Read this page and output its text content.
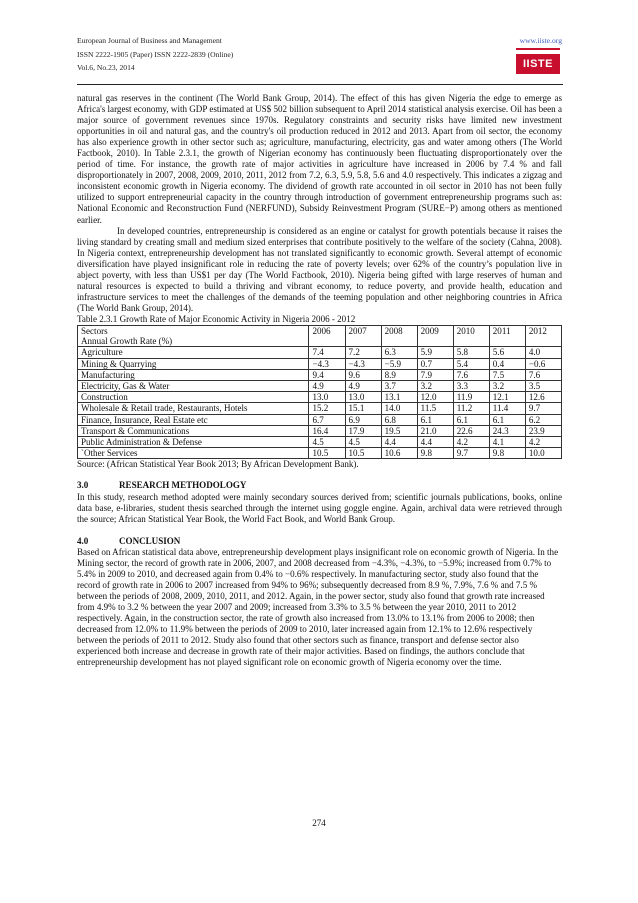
European Journal of Business and Management
ISSN 2222-1905 (Paper) ISSN 2222-2839 (Online)
Vol.6, No.23, 2014
www.iiste.org
IISTE

natural gas reserves in the continent (The World Bank Group, 2014). The effect of this has given Nigeria the edge to emerge as Africa's largest economy, with GDP estimated at US$ 502 billion subsequent to April 2014 statistical analysis exercise. Oil has been a major source of government revenues since 1970s. Regulatory constraints and security risks have limited new investment opportunities in oil and natural gas, and the country's oil production reduced in 2012 and 2013. Apart from oil sector, the economy has also experience growth in other sector such as; agriculture, manufacturing, electricity, gas and water among others (The World Factbook, 2010). In Table 2.3.1, the growth of Nigerian economy has continuously been fluctuating disproportionately over the period of time. For instance, the growth rate of major activities in agriculture have increased in 2006 by 7.4 % and fall disproportionately in 2007, 2008, 2009, 2010, 2011, 2012 from 7.2, 6.3, 5.9, 5.8, 5.6 and 4.0 respectively. This indicates a zigzag and inconsistent economic growth in Nigeria economy. The dividend of growth rate accounted in oil sector in 2010 has not been fully utilized to support entrepreneurial capacity in the country through introduction of government entrepreneurship programs such as: National Economic and Reconstruction Fund (NERFUND), Subsidy Reinvestment Program (SURE−P) among others as mentioned earlier.

In developed countries, entrepreneurship is considered as an engine or catalyst for growth potentials because it raises the living standard by creating small and medium sized enterprises that contribute positively to the welfare of the society (Cahna, 2008). In Nigeria context, entrepreneurship development has not translated significantly to economic growth. Several attempt of economic diversification have played insignificant role in reducing the rate of poverty levels; over 62% of the country’s population live in abject poverty, with less than US$1 per day (The World Factbook, 2010). Nigeria being gifted with large reserves of human and natural resources is expected to build a thriving and vibrant economy, to reduce poverty, and provide health, education and infrastructure services to meet the challenges of the demands of the teeming population and other neighboring countries in Africa (The World Bank Group, 2014).

Table 2.3.1 Growth Rate of Major Economic Activity in Nigeria 2006 - 2012
Sectors
Annual Growth Rate (%)	2006	2007	2008	2009	2010	2011	2012
Agriculture	7.4	7.2	6.3	5.9	5.8	5.6	4.0
Mining & Quarrying	−4.3	−4.3	−5.9	0.7	5.4	0.4	−0.6
Manufacturing	9.4	9.6	8.9	7.9	7.6	7.5	7.6
Electricity, Gas & Water	4.9	4.9	3.7	3.2	3.3	3.2	3.5
Construction	13.0	13.0	13.1	12.0	11.9	12.1	12.6
Wholesale & Retail trade, Restaurants, Hotels	15.2	15.1	14.0	11.5	11.2	11.4	9.7
Finance, Insurance, Real Estate etc	6.7	6.9	6.8	6.1	6.1	6.1	6.2
Transport & Communications	16.4	17.9	19.5	21.0	22.6	24.3	23.9
Public Administration & Defense	4.5	4.5	4.4	4.4	4.2	4.1	4.2
`Other Services	10.5	10.5	10.6	9.8	9.7	9.8	10.0
Source: (African Statistical Year Book 2013; By African Development Bank).
3.0	RESEARCH METHODOLOGY

In this study, research method adopted were mainly secondary sources derived from; scientific journals publications, books, online data base, e-libraries, student thesis searched through the internet using goggle engine. Again, archival data were retrieved through the source; African Statistical Year Book, the World Fact Book, and World Bank Group.

4.0	CONCLUSION

Based on African statistical data above, entrepreneurship development plays insignificant role on economic growth of Nigeria. In the Mining sector, the record of growth rate in 2006, 2007, and 2008 decreased from −4.3%, −4.3%, to −5.9%; increased from 0.7% to 5.4% in 2009 to 2010, and decreased again from 0.4% to −0.6% respectively. In manufacturing sector, study also found that the record of growth rate in 2006 to 2007 increased from 94% to 96%; subsequently decreased from 8.9 %, 7.9%, 7.6 % and 7.5 % between the periods of 2008, 2009, 2010, 2011, and 2012. Again, in the power sector, study also found that growth rate increased from 4.9% to 3.2 % between the year 2007 and 2009; increased from 3.3% to 3.5 % between the year 2010, 2011 to 2012 respectively. Again, in the construction sector, the rate of growth also increased from 13.0% to 13.1% from 2006 to 2008; then decreased from 12.0% to 11.9% between the periods of 2009 to 2010, later increased again from 12.1% to 12.6% respectively between the periods of 2011 to 2012. Study also found that other sectors such as finance, transport and defense sector also experienced both increase and decrease in growth rate of their major activities. Based on findings, the authors conclude that entrepreneurship development has not played significant role on economic growth of Nigeria economy over the time.

274
